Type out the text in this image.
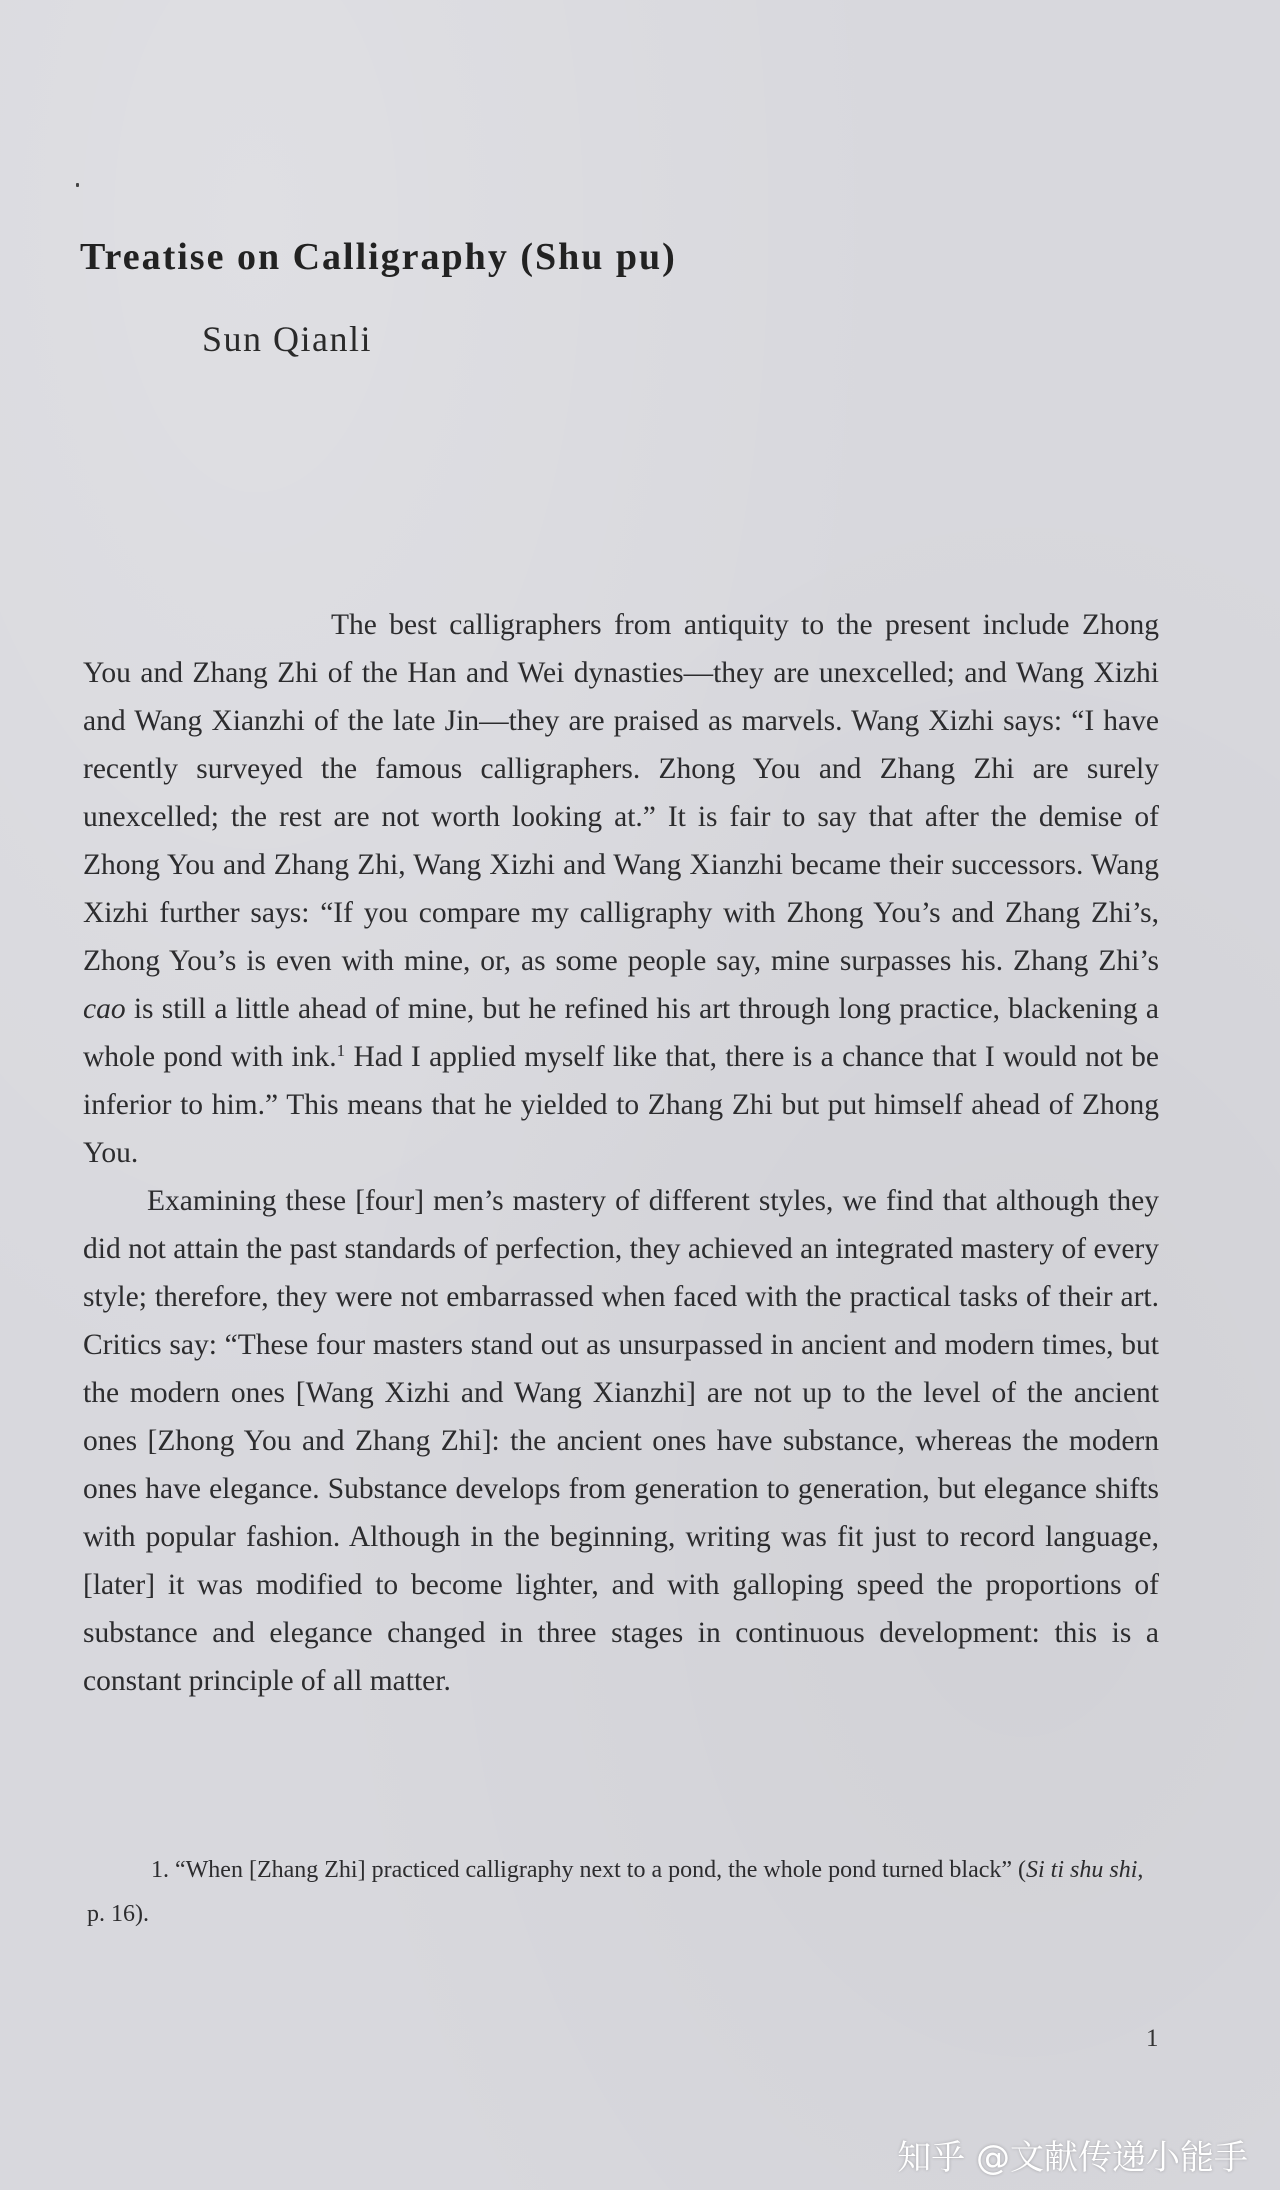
Treatise on Calligraphy (Shu pu)
Sun Qianli

The best calligraphers from antiquity to the present include Zhong You and Zhang Zhi of the Han and Wei dynasties—they are unexcelled; and Wang Xizhi and Wang Xianzhi of the late Jin—they are praised as marvels. Wang Xizhi says: “I have recently surveyed the famous calligraphers. Zhong You and Zhang Zhi are surely unexcelled; the rest are not worth looking at.” It is fair to say that after the demise of Zhong You and Zhang Zhi, Wang Xizhi and Wang Xianzhi became their successors. Wang Xizhi further says: “If you compare my calligraphy with Zhong You’s and Zhang Zhi’s, Zhong You’s is even with mine, or, as some people say, mine surpasses his. Zhang Zhi’s cao is still a little ahead of mine, but he refined his art through long practice, blackening a whole pond with ink.$^1$ Had I applied myself like that, there is a chance that I would not be inferior to him.” This means that he yielded to Zhang Zhi but put himself ahead of Zhong You.

Examining these [four] men’s mastery of different styles, we find that although they did not attain the past standards of perfection, they achieved an integrated mastery of every style; therefore, they were not embarrassed when faced with the practical tasks of their art. Critics say: “These four masters stand out as unsurpassed in ancient and modern times, but the modern ones [Wang Xizhi and Wang Xianzhi] are not up to the level of the ancient ones [Zhong You and Zhang Zhi]: the ancient ones have substance, whereas the modern ones have elegance. Substance develops from generation to generation, but elegance shifts with popular fashion. Although in the beginning, writing was fit just to record language, [later] it was modified to become lighter, and with galloping speed the proportions of substance and elegance changed in three stages in continuous development: this is a constant principle of all matter.

1. “When [Zhang Zhi] practiced calligraphy next to a pond, the whole pond turned black” (Si ti shu shi, p. 16).

1
知乎 @文献传递小能手
